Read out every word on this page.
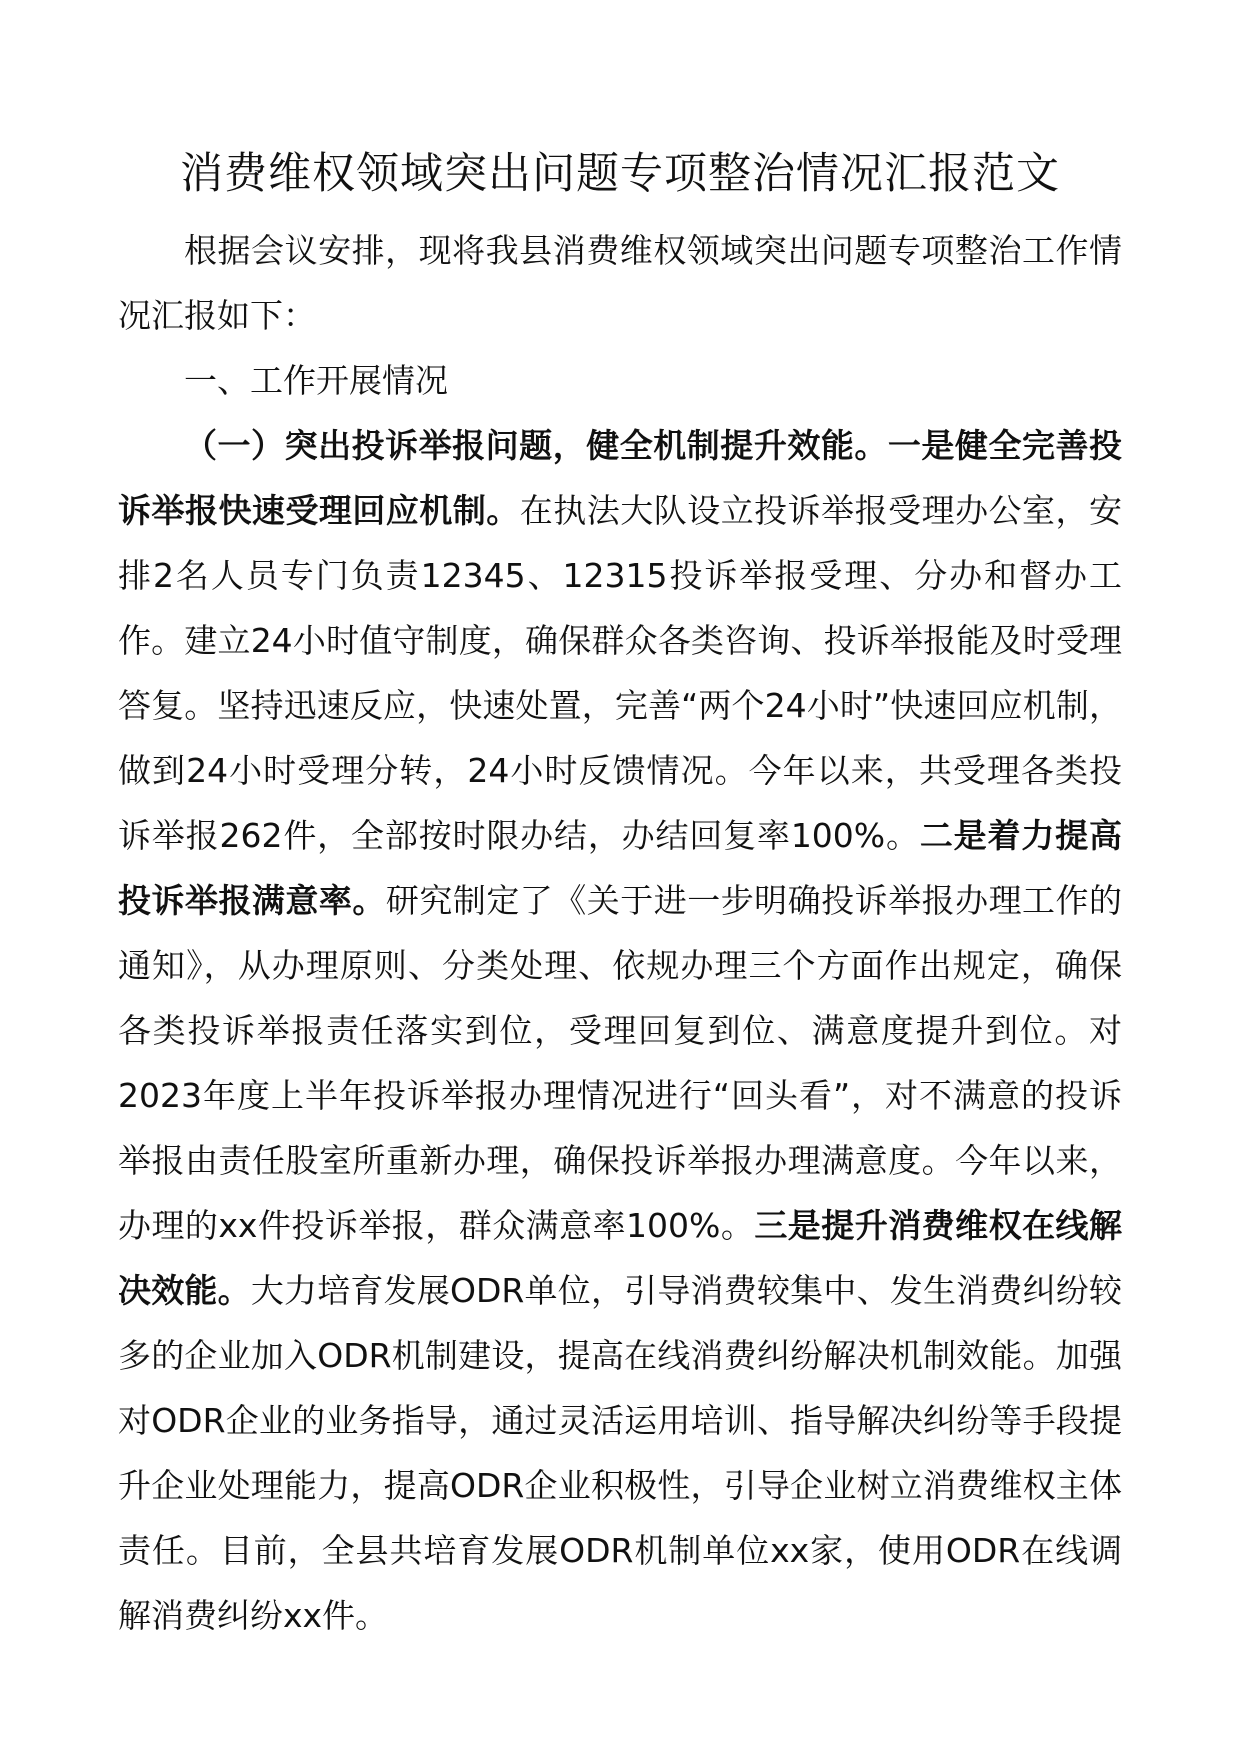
消费维权领域突出问题专项整治情况汇报范文

根据会议安排，现将我县消费维权领域突出问题专项整治工作情况汇报如下：

一、工作开展情况

（一）突出投诉举报问题，健全机制提升效能。一是健全完善投诉举报快速受理回应机制。在执法大队设立投诉举报受理办公室，安排2名人员专门负责12345、12315投诉举报受理、分办和督办工作。建立24小时值守制度，确保群众各类咨询、投诉举报能及时受理答复。坚持迅速反应，快速处置，完善“两个24小时”快速回应机制，做到24小时受理分转，24小时反馈情况。今年以来，共受理各类投诉举报262件，全部按时限办结，办结回复率100%。二是着力提高投诉举报满意率。研究制定了《关于进一步明确投诉举报办理工作的通知》，从办理原则、分类处理、依规办理三个方面作出规定，确保各类投诉举报责任落实到位，受理回复到位、满意度提升到位。对2023年度上半年投诉举报办理情况进行“回头看”，对不满意的投诉举报由责任股室所重新办理，确保投诉举报办理满意度。今年以来，办理的xx件投诉举报，群众满意率100%。三是提升消费维权在线解决效能。大力培育发展ODR单位，引导消费较集中、发生消费纠纷较多的企业加入ODR机制建设，提高在线消费纠纷解决机制效能。加强对ODR企业的业务指导，通过灵活运用培训、指导解决纠纷等手段提升企业处理能力，提高ODR企业积极性，引导企业树立消费维权主体责任。目前，全县共培育发展ODR机制单位xx家，使用ODR在线调解消费纠纷xx件。
